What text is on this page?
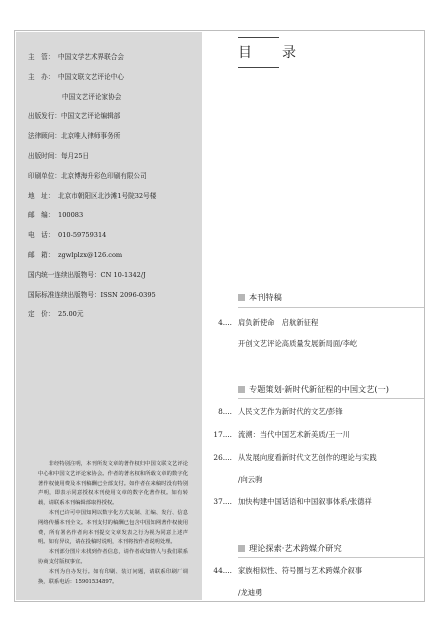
主　管： 中国文学艺术界联合会
主　办： 中国文联文艺评论中心
中国文艺评论家协会
出版发行： 中国文艺评论编辑部
法律顾问： 北京唯人律师事务所
出版时间： 每月25日
印刷单位： 北京博海升彩色印刷有限公司
地　址： 北京市朝阳区北沙滩1号院32号楼
邮　编： 100083
电　话： 010-59759314
邮　箱： zgwlplzx@126.com
国内统一连续出版物号： CN 10-1342/J
国际标准连续出版物号： ISSN 2096-0395
定　价： 25.00元

非经特别注明，本刊所发文章的著作权归中国文联文艺评论中心和中国文艺评论家协会。作者的著名权和所载文章的数字化著作权使用费及本刊稿酬已全部支付。如作者在来稿时没有特别声明，即表示同意授权本刊使用文章的数字化著作权。如有转载，请联系本刊编辑部取得授权。

本刊已许可中国知网以数字化方式复制、汇编、发行、信息网络传播本刊全文。本刊支付的稿酬已包含中国知网著作权使用费，所有署名作者向本刊提交文章发表之行为视为同意上述声明。如有异议，请在投稿时说明，本刊将按作者说明处理。

本刊部分图片未找到作者信息，请作者或知情人与我们联系协商支付版权事宜。

本刊为自办发行。如有印刷、装订问题，请联系印刷厂调换，联系电话：15901534897。

目　录
本刊特稿
4.... 肩负新使命　启航新征程
开创文艺评论高质量发展新局面/李屹
专题策划·新时代新征程的中国文艺(一)
8.... 人民文艺作为新时代的文艺/彭锋
17.... 流溯：当代中国艺术新美质/王一川
26.... 从发展向度看新时代文艺创作的理论与实践
/向云驹
37.... 加快构建中国话语和中国叙事体系/张德祥
理论探索·艺术跨媒介研究
44.... 家族相似性、符号圈与艺术跨媒介叙事
/龙迪勇
